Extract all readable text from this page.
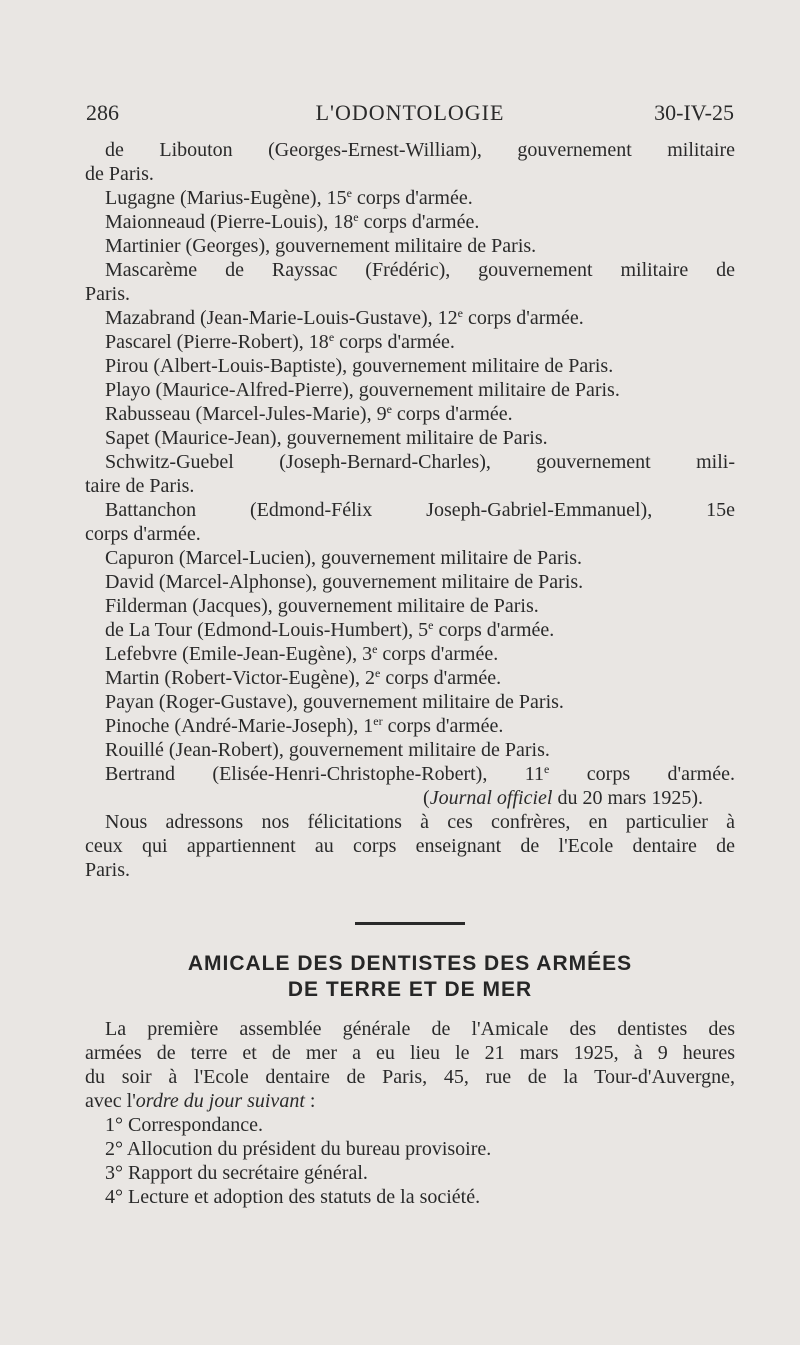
286	L'ODONTOLOGIE	30-IV-25
de Libouton (Georges-Ernest-William), gouvernement militaire
de Paris.
Lugagne (Marius-Eugène), 15e corps d'armée.
Maionneaud (Pierre-Louis), 18e corps d'armée.
Martinier (Georges), gouvernement militaire de Paris.
Mascarème de Rayssac (Frédéric), gouvernement militaire de
Paris.
Mazabrand (Jean-Marie-Louis-Gustave), 12e corps d'armée.
Pascarel (Pierre-Robert), 18e corps d'armée.
Pirou (Albert-Louis-Baptiste), gouvernement militaire de Paris.
Playo (Maurice-Alfred-Pierre), gouvernement militaire de Paris.
Rabusseau (Marcel-Jules-Marie), 9e corps d'armée.
Sapet (Maurice-Jean), gouvernement militaire de Paris.
Schwitz-Guebel (Joseph-Bernard-Charles), gouvernement mili-
taire de Paris.
Battanchon (Edmond-Félix Joseph-Gabriel-Emmanuel), 15e
corps d'armée.
Capuron (Marcel-Lucien), gouvernement militaire de Paris.
David (Marcel-Alphonse), gouvernement militaire de Paris.
Filderman (Jacques), gouvernement militaire de Paris.
de La Tour (Edmond-Louis-Humbert), 5e corps d'armée.
Lefebvre (Emile-Jean-Eugène), 3e corps d'armée.
Martin (Robert-Victor-Eugène), 2e corps d'armée.
Payan (Roger-Gustave), gouvernement militaire de Paris.
Pinoche (André-Marie-Joseph), 1er corps d'armée.
Rouillé (Jean-Robert), gouvernement militaire de Paris.
Bertrand (Elisée-Henri-Christophe-Robert), 11e corps d'armée.
(Journal officiel du 20 mars 1925).
Nous adressons nos félicitations à ces confrères, en particulier à
ceux qui appartiennent au corps enseignant de l'Ecole dentaire de
Paris.
AMICALE DES DENTISTES DES ARMÉES
DE TERRE ET DE MER
La première assemblée générale de l'Amicale des dentistes des
armées de terre et de mer a eu lieu le 21 mars 1925, à 9 heures
du soir à l'Ecole dentaire de Paris, 45, rue de la Tour-d'Auvergne,
avec l'ordre du jour suivant :
1° Correspondance.
2° Allocution du président du bureau provisoire.
3° Rapport du secrétaire général.
4° Lecture et adoption des statuts de la société.
